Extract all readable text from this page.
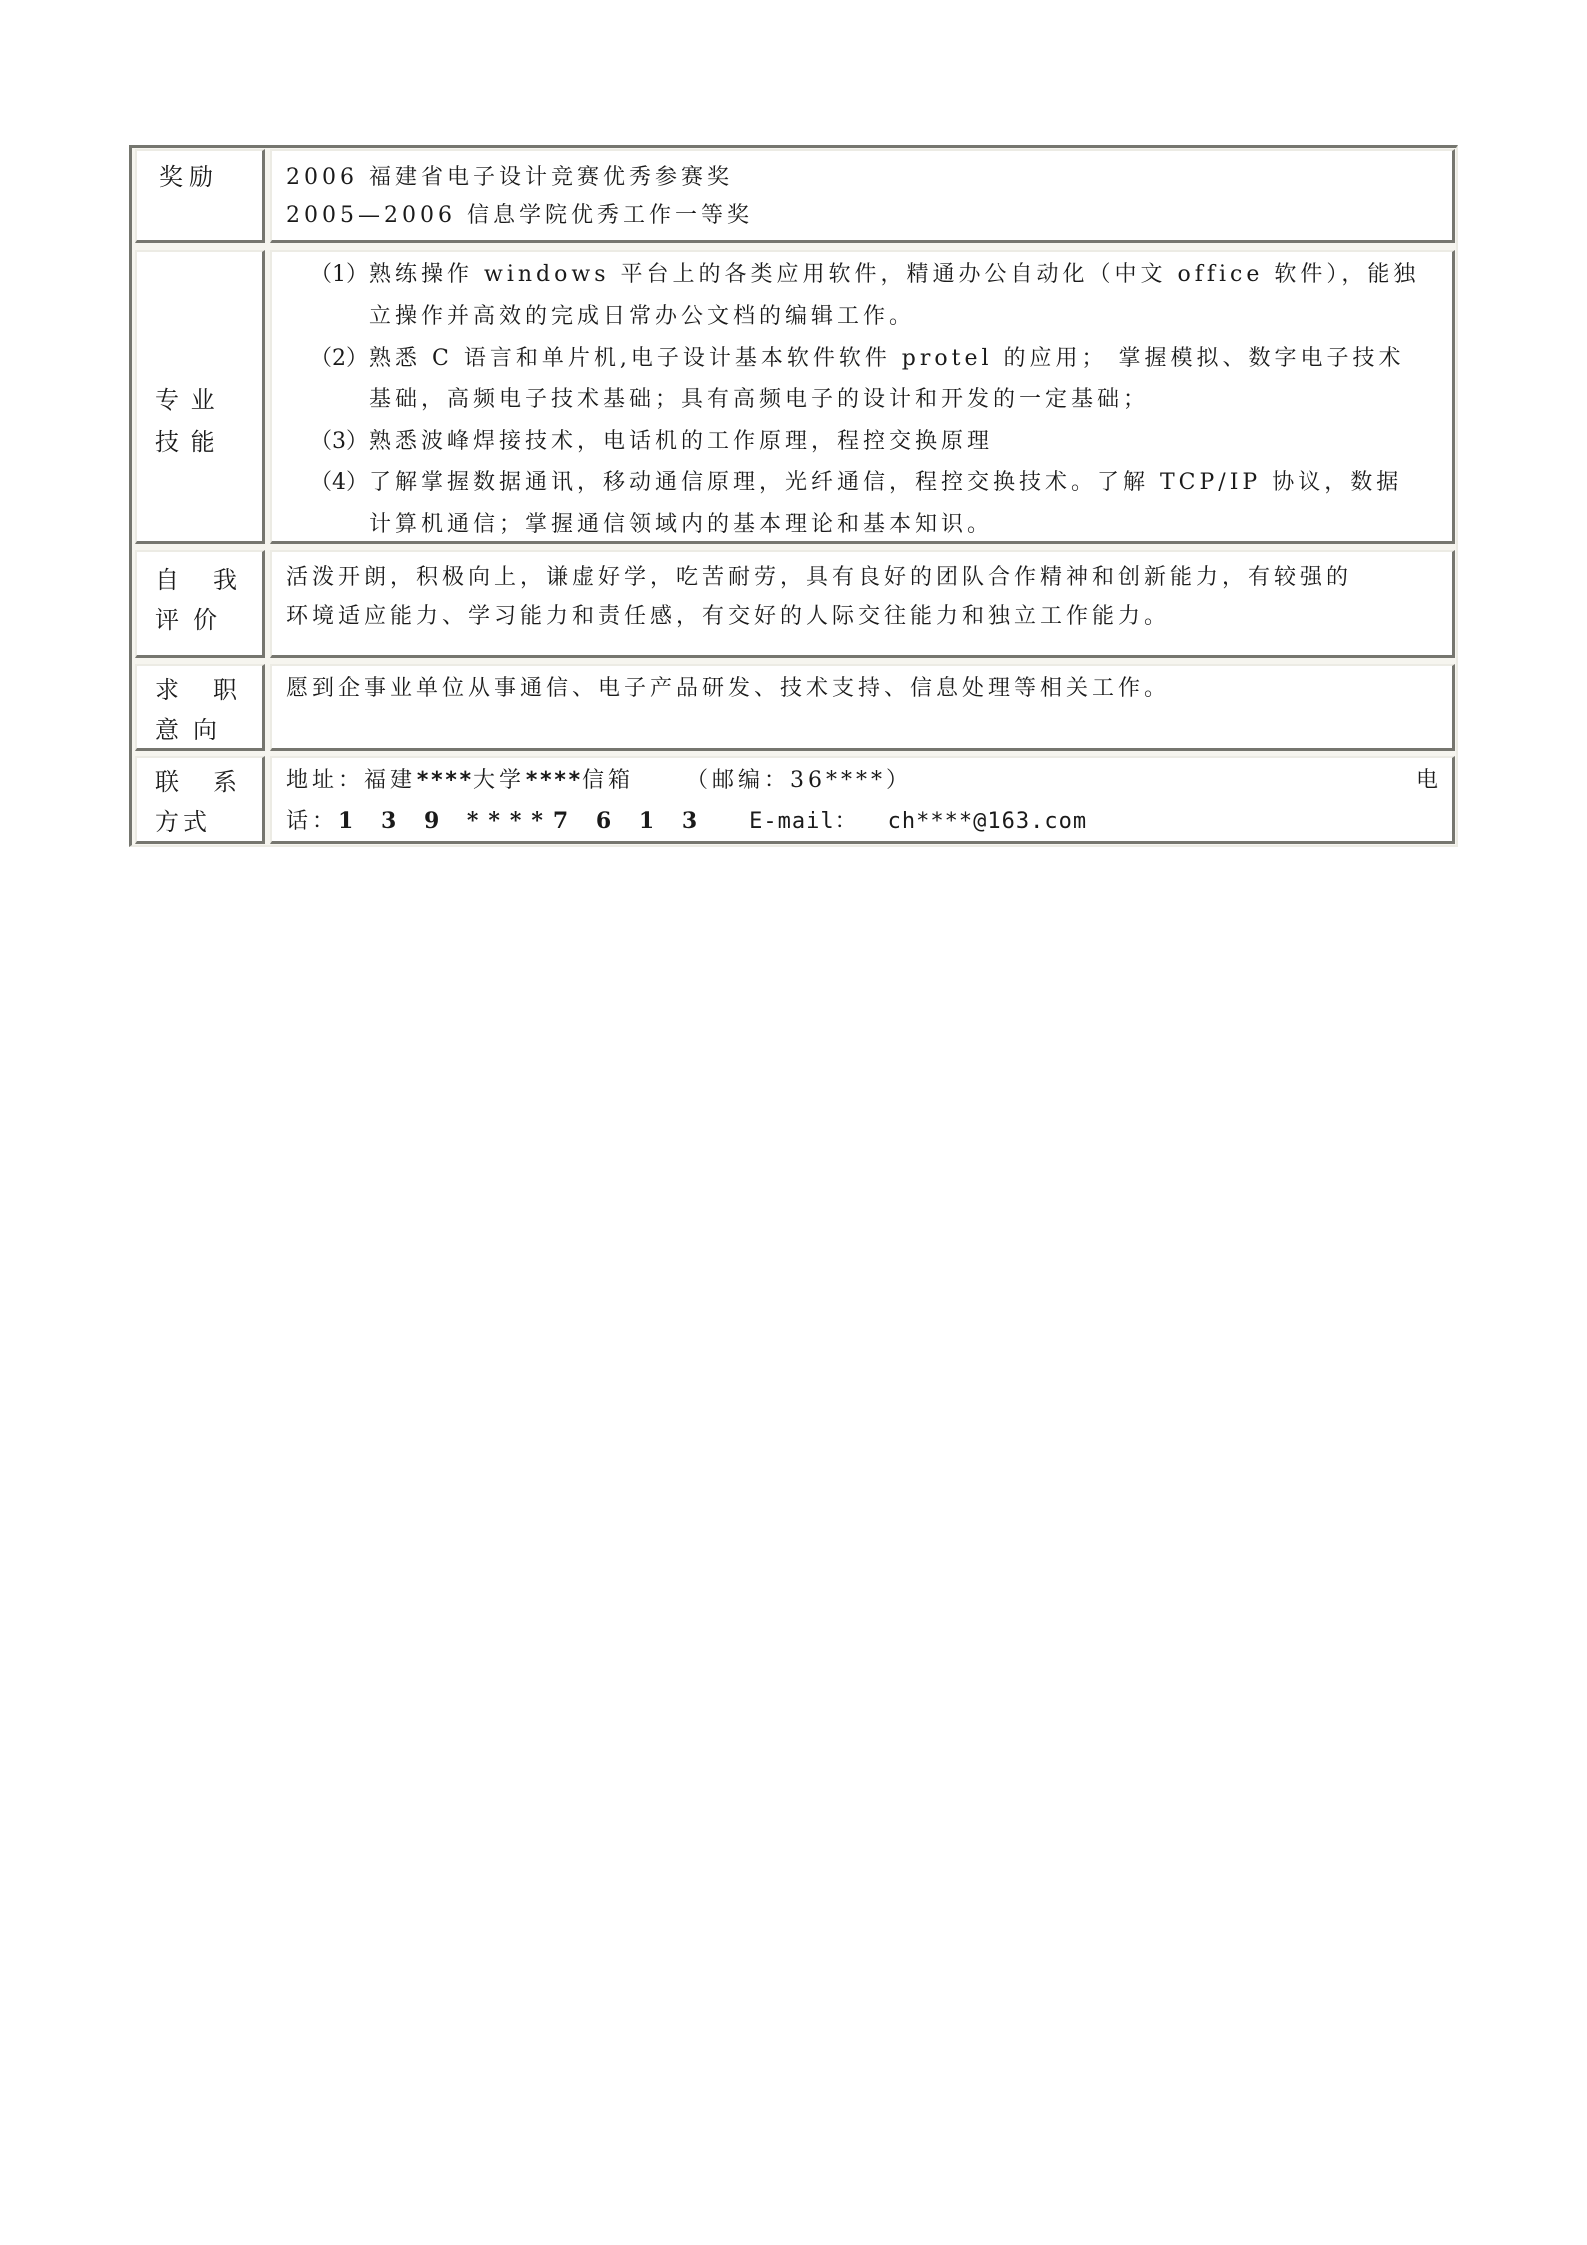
奖励	2006 福建省电子设计竞赛优秀参赛奖
2005—2006 信息学院优秀工作一等奖
专 业
技 能
（1） 熟练操作 windows 平台上的各类应用软件，精通办公自动化（中文 office 软件），能独
立操作并高效的完成日常办公文档的编辑工作。
（2） 熟悉 C 语言和单片机,电子设计基本软件软件 protel 的应用； 掌握模拟、数字电子技术
基础，高频电子技术基础；具有高频电子的设计和开发的一定基础；
（3） 熟悉波峰焊接技术，电话机的工作原理，程控交换原理
（4） 了解掌握数据通讯，移动通信原理，光纤通信，程控交换技术。了解 TCP/IP 协议，数据
计算机通信；掌握通信领域内的基本理论和基本知识。
自 我
评 价
活泼开朗，积极向上，谦虚好学，吃苦耐劳，具有良好的团队合作精神和创新能力，有较强的
环境适应能力、学习能力和责任感，有交好的人际交往能力和独立工作能力。
求 职
意 向
愿到企事业单位从事通信、电子产品研发、技术支持、信息处理等相关工作。
联 系
方 式
地址：福建****大学****信箱 （邮编：36****）	电
话：1 3 9 ****7 6 1 3 E-mail： ch****@163.com
